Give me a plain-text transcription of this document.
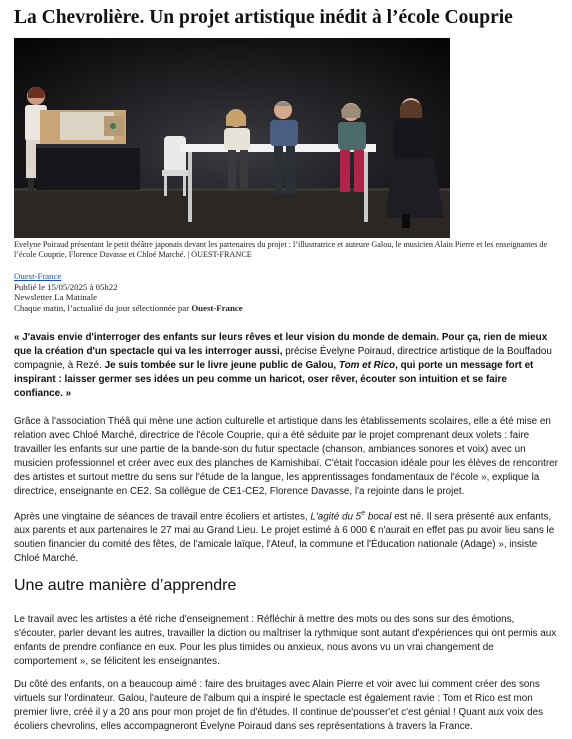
La Chevrolière. Un projet artistique inédit à l’école Couprie

Evelyne Poiraud présentant le petit théâtre japonais devant les partenaires du projet : l’illustratrice et auteure Galou, le musicien Alain Pierre et les enseignantes de l’école Couprie, Florence Davasse et Chloé Marché. | OUEST-FRANCE

Ouest-France
Publié le 15/05/2025 à 05h22
Newsletter La Matinale
Chaque matin, l’actualité du jour sélectionnée par Ouest-France

« J'avais envie d'interroger des enfants sur leurs rêves et leur vision du monde de demain. Pour ça, rien de mieux que la création d'un spectacle qui va les interroger aussi, précise Évelyne Poiraud, directrice artistique de la Bouffadou compagnie, à Rezé. Je suis tombée sur le livre jeune public de Galou, Tom et Rico, qui porte un message fort et inspirant : laisser germer ses idées un peu comme un haricot, oser rêver, écouter son intuition et se faire confiance. »

Grâce à l'association Théâ qui mène une action culturelle et artistique dans les établissements scolaires, elle a été mise en relation avec Chloé Marché, directrice de l'école Couprie, qui a été séduite par le projet comprenant deux volets : faire travailler les enfants sur une partie de la bande-son du futur spectacle (chanson, ambiances sonores et voix) avec un musicien professionnel et créer avec eux des planches de Kamishibaï. C'était l'occasion idéale pour les élèves de rencontrer des artistes et surtout mettre du sens sur l'étude de la langue, les apprentissages fondamentaux de l'école », explique la directrice, enseignante en CE2. Sa collègue de CE1-CE2, Florence Davasse, l'a rejointe dans le projet.

Après une vingtaine de séances de travail entre écoliers et artistes, L'agité du 5e bocal est né. Il sera présenté aux enfants, aux parents et aux partenaires le 27 mai au Grand Lieu. Le projet estimé à 6 000 € n'aurait en effet pas pu avoir lieu sans le soutien financier du comité des fêtes, de l'amicale laïque, l'Ateuf, la commune et l'Éducation nationale (Adage) », insiste Chloé Marché.

Une autre manière d’apprendre

Le travail avec les artistes a été riche d'enseignement : Réfléchir à mettre des mots ou des sons sur des émotions, s'écouter, parler devant les autres, travailler la diction ou maîtriser la rythmique sont autant d'expériences qui ont permis aux enfants de prendre confiance en eux. Pour les plus timides ou anxieux, nous avons vu un vrai changement de comportement », se félicitent les enseignantes.

Du côté des enfants, on a beaucoup aimé : faire des bruitages avec Alain Pierre et voir avec lui comment créer des sons virtuels sur l'ordinateur. Galou, l'auteure de l'album qui a inspiré le spectacle est également ravie : Tom et Rico est mon premier livre, créé il y a 20 ans pour mon projet de fin d'études. Il continue de'pousser'et c'est génial ! Quant aux voix des écoliers chevrolins, elles accompagneront Évelyne Poiraud dans ses représentations à travers la France.
